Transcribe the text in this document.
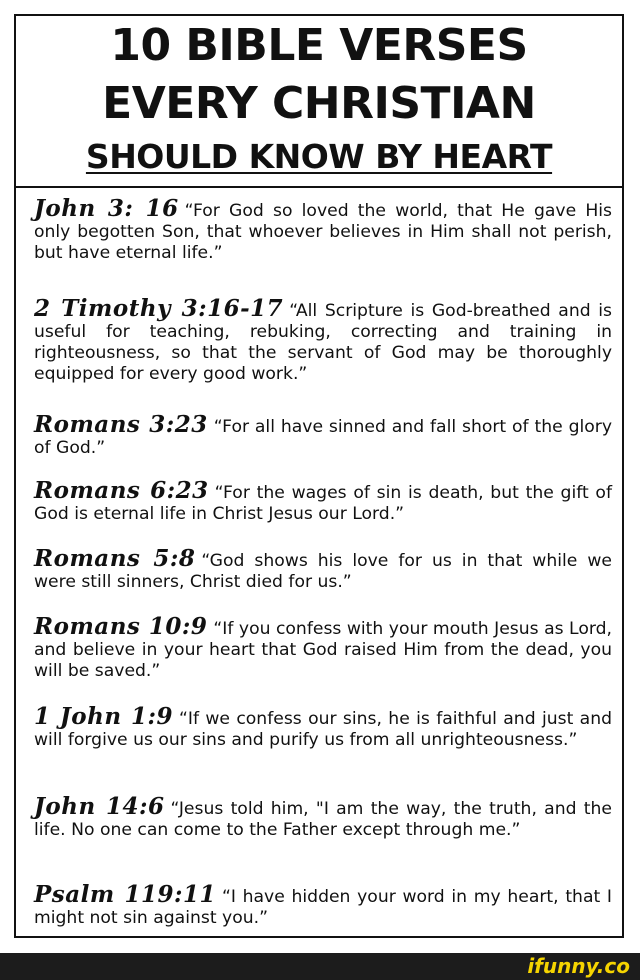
10 BIBLE VERSES
EVERY CHRISTIAN
SHOULD KNOW BY HEART
John 3: 16 “For God so loved the world, that He gave His only begotten Son, that whoever believes in Him shall not perish, but have eternal life.”
2 Timothy 3:16-17 “All Scripture is God-breathed and is useful for teaching, rebuking, correcting and training in righteousness, so that the servant of God may be thoroughly equipped for every good work.”
Romans 3:23 “For all have sinned and fall short of the glory of God.”
Romans 6:23 “For the wages of sin is death, but the gift of God is eternal life in Christ Jesus our Lord.”
Romans 5:8 “God shows his love for us in that while we were still sinners, Christ died for us.”
Romans 10:9 “If you confess with your mouth Jesus as Lord, and believe in your heart that God raised Him from the dead, you will be saved.”
1 John 1:9 “If we confess our sins, he is faithful and just and will forgive us our sins and purify us from all unrighteousness.”
John 14:6 “Jesus told him, "I am the way, the truth, and the life. No one can come to the Father except through me.”
Psalm 119:11 “I have hidden your word in my heart, that I might not sin against you.”
ifunny.co
